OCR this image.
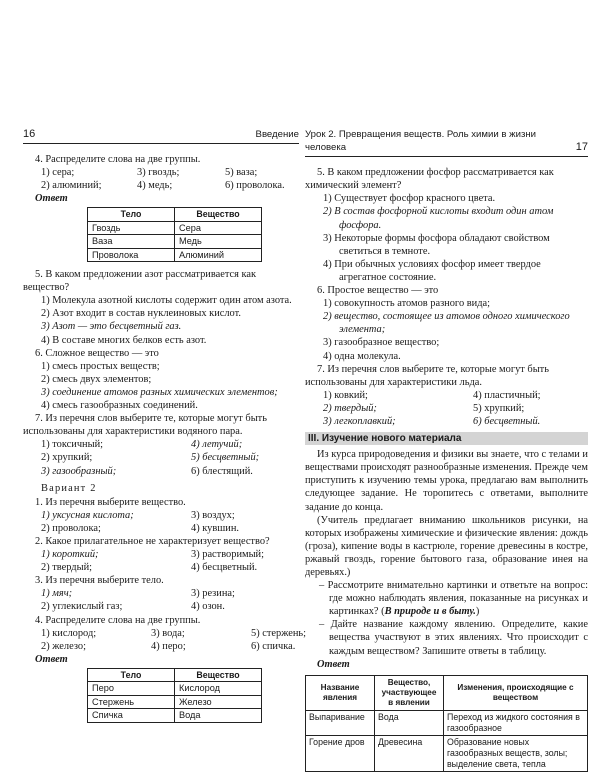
16	Введение

4. Распределите слова на две группы.

1) сера;	3) гвоздь;	5) ваза;
2) алюминий;	4) медь;	6) проволока.

Ответ

Тело	Вещество
Гвоздь	Сера
Ваза	Медь
Проволока	Алюминий

5. В каком предложении азот рассматривается как вещество?

1) Молекула азотной кислоты содержит один атом азота.
2) Азот входит в состав нуклеиновых кислот.
3) Азот — это бесцветный газ.
4) В составе многих белков есть азот.

6. Сложное вещество — это

1) смесь простых веществ;
2) смесь двух элементов;
3) соединение атомов разных химических элементов;
4) смесь газообразных соединений.

7. Из перечня слов выберите те, которые могут быть использованы для характеристики водяного пара.

1) токсичный;	4) летучий;
2) хрупкий;	5) бесцветный;
3) газообразный;	6) блестящий.

Вариант 2

1. Из перечня выберите вещество.

1) уксусная кислота;	3) воздух;
2) проволока;	4) кувшин.

2. Какое прилагательное не характеризует вещество?

1) короткий;	3) растворимый;
2) твердый;	4) бесцветный.

3. Из перечня выберите тело.

1) мяч;	3) резина;
2) углекислый газ;	4) озон.

4. Распределите слова на две группы.

1) кислород;	3) вода;	5) стержень;
2) железо;	4) перо;	6) спичка.

Ответ

Тело	Вещество
Перо	Кислород
Стержень	Железо
Спичка	Вода
Урок 2. Превращения веществ. Роль химии в жизни человека	17

5. В каком предложении фосфор рассматривается как химический элемент?

1) Существует фосфор красного цвета.
2) В состав фосфорной кислоты входит один атом фосфора.
3) Некоторые формы фосфора обладают свойством светиться в темноте.
4) При обычных условиях фосфор имеет твердое агрегатное состояние.

6. Простое вещество — это

1) совокупность атомов разного вида;
2) вещество, состоящее из атомов одного химического элемента;
3) газообразное вещество;
4) одна молекула.

7. Из перечня слов выберите те, которые могут быть использованы для характеристики льда.

1) ковкий;	4) пластичный;
2) твердый;	5) хрупкий;
3) легкоплавкий;	6) бесцветный.
III. Изучение нового материала

Из курса природоведения и физики вы знаете, что с телами и веществами происходят разнообразные изменения. Прежде чем приступить к изучению темы урока, предлагаю вам выполнить следующее задание. Не торопитесь с ответами, выполните задание до конца.

(Учитель предлагает вниманию школьников рисунки, на которых изображены химические и физические явления: дождь (гроза), кипение воды в кастрюле, горение древесины в костре, ржавый гвоздь, горение бытового газа, образование инея на деревьях.)

– Рассмотрите внимательно картинки и ответьте на вопрос: где можно наблюдать явления, показанные на рисунках и картинках? (В природе и в быту.)

– Дайте название каждому явлению. Определите, какие вещества участвуют в этих явлениях. Что происходит с каждым веществом? Запишите ответы в таблицу.

Ответ

Название явления	Вещество, участвующее в явлении	Изменения, происходящие с веществом
Выпаривание	Вода	Переход из жидкого состояния в газообразное
Горение дров	Древесина	Образование новых газообразных веществ, золы; выделение света, тепла
